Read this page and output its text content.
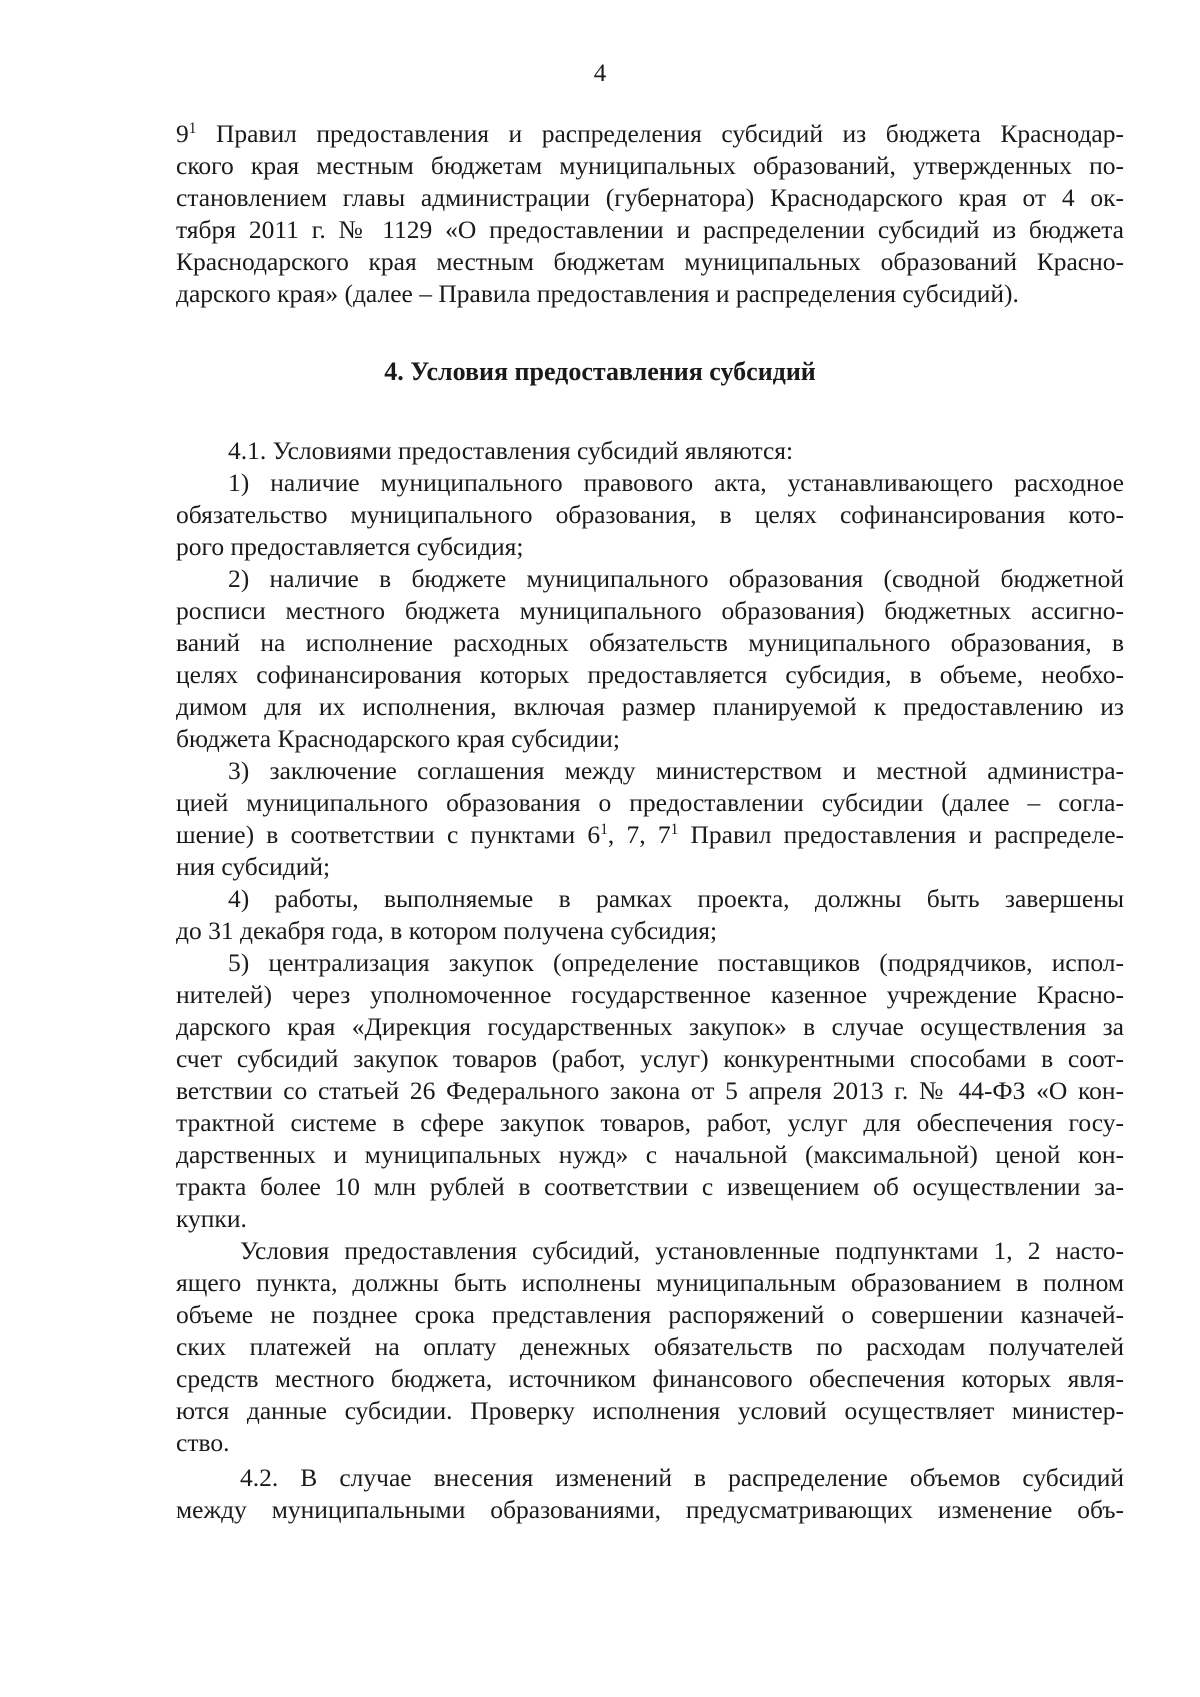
4
$9^1$ Правил предоставления и распределения субсидий из бюджета Краснодар-
ского края местным бюджетам муниципальных образований, утвержденных по-
становлением главы администрации (губернатора) Краснодарского края от 4 ок-
тября 2011 г. № 1129 «О предоставлении и распределении субсидий из бюджета
Краснодарского края местным бюджетам муниципальных образований Красно-
дарского края» (далее – Правила предоставления и распределения субсидий).
4. Условия предоставления субсидий
4.1. Условиями предоставления субсидий являются:
1) наличие муниципального правового акта, устанавливающего расходное
обязательство муниципального образования, в целях софинансирования кото-
рого предоставляется субсидия;
2) наличие в бюджете муниципального образования (сводной бюджетной
росписи местного бюджета муниципального образования) бюджетных ассигно-
ваний на исполнение расходных обязательств муниципального образования, в
целях софинансирования которых предоставляется субсидия, в объеме, необхо-
димом для их исполнения, включая размер планируемой к предоставлению из
бюджета Краснодарского края субсидии;
3) заключение соглашения между министерством и местной администра-
цией муниципального образования о предоставлении субсидии (далее – согла-
шение) в соответствии с пунктами $6^1$, 7, $7^1$ Правил предоставления и распределе-
ния субсидий;
4) работы, выполняемые в рамках проекта, должны быть завершены
до 31 декабря года, в котором получена субсидия;
5) централизация закупок (определение поставщиков (подрядчиков, испол-
нителей) через уполномоченное государственное казенное учреждение Красно-
дарского края «Дирекция государственных закупок» в случае осуществления за
счет субсидий закупок товаров (работ, услуг) конкурентными способами в соот-
ветствии со статьей 26 Федерального закона от 5 апреля 2013 г. № 44-ФЗ «О кон-
трактной системе в сфере закупок товаров, работ, услуг для обеспечения госу-
дарственных и муниципальных нужд» с начальной (максимальной) ценой кон-
тракта более 10 млн рублей в соответствии с извещением об осуществлении за-
купки.
Условия предоставления субсидий, установленные подпунктами 1, 2 насто-
ящего пункта, должны быть исполнены муниципальным образованием в полном
объеме не позднее срока представления распоряжений о совершении казначей-
ских платежей на оплату денежных обязательств по расходам получателей
средств местного бюджета, источником финансового обеспечения которых явля-
ются данные субсидии. Проверку исполнения условий осуществляет министер-
ство.
4.2. В случае внесения изменений в распределение объемов субсидий
между муниципальными образованиями, предусматривающих изменение объ-
